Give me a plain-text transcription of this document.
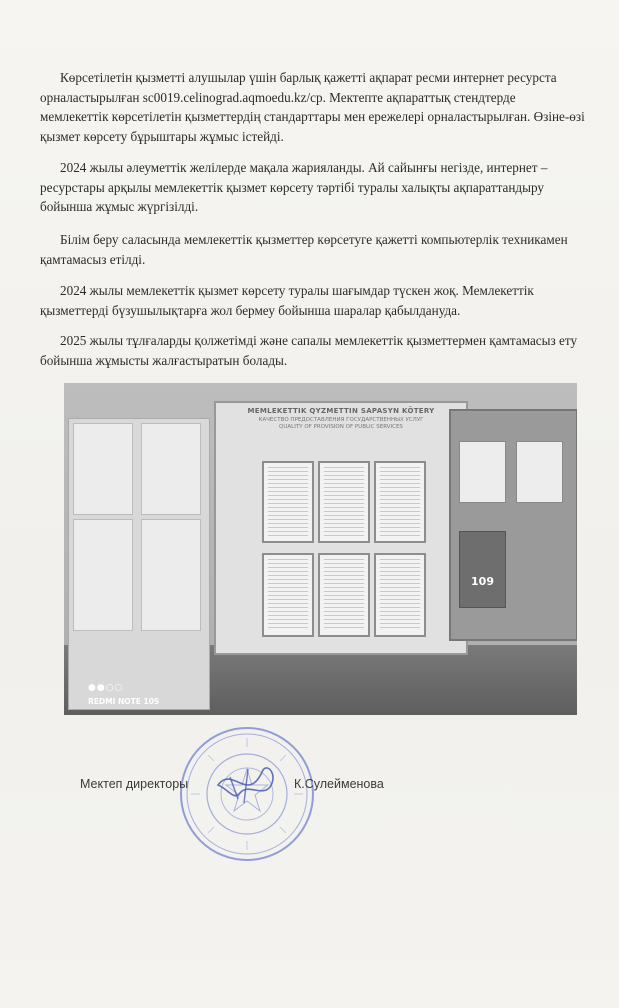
Көрсетілетін қызметті алушылар үшін барлық қажетті ақпарат ресми интернет ресурста орналастырылған sc0019.celinograd.aqmoedu.kz/cp. Мектепте ақпараттық стендтерде мемлекеттік көрсетілетін қызметтердің стандарттары мен ережелері орналастырылған. Өзіне-өзі қызмет көрсету бұрыштары жұмыс істейді.

2024 жылы әлеуметтік желілерде мақала жарияланды. Ай сайынғы негізде, интернет – ресурстары арқылы мемлекеттік қызмет көрсету тәртібі туралы халықты ақпараттандыру бойынша жұмыс жүргізілді.

Білім беру саласында мемлекеттік қызметтер көрсетуге қажетті компьютерлік техникамен қамтамасыз етілді.

2024 жылы мемлекеттік қызмет көрсету туралы шағымдар түскен жоқ. Мемлекеттік қызметтерді бүзушылықтарға жол бермеу бойынша шаралар қабылдануда.

2025 жылы тұлғаларды қолжетімді және сапалы мемлекеттік қызметтермен қамтамасыз ету бойынша жұмысты жалғастыратын болады.

MEMLEKETTIK QYZMETTIN SAPASYN KÖTERY
КАЧЕСТВО ПРЕДОСТАВЛЕНИЯ ГОСУДАРСТВЕННЫХ УСЛУГ
QUALITY OF PROVISION OF PUBLIC SERVICES
109
●●○○
REDMI NOTE 10S
Мектеп директоры	К.Сулейменова
